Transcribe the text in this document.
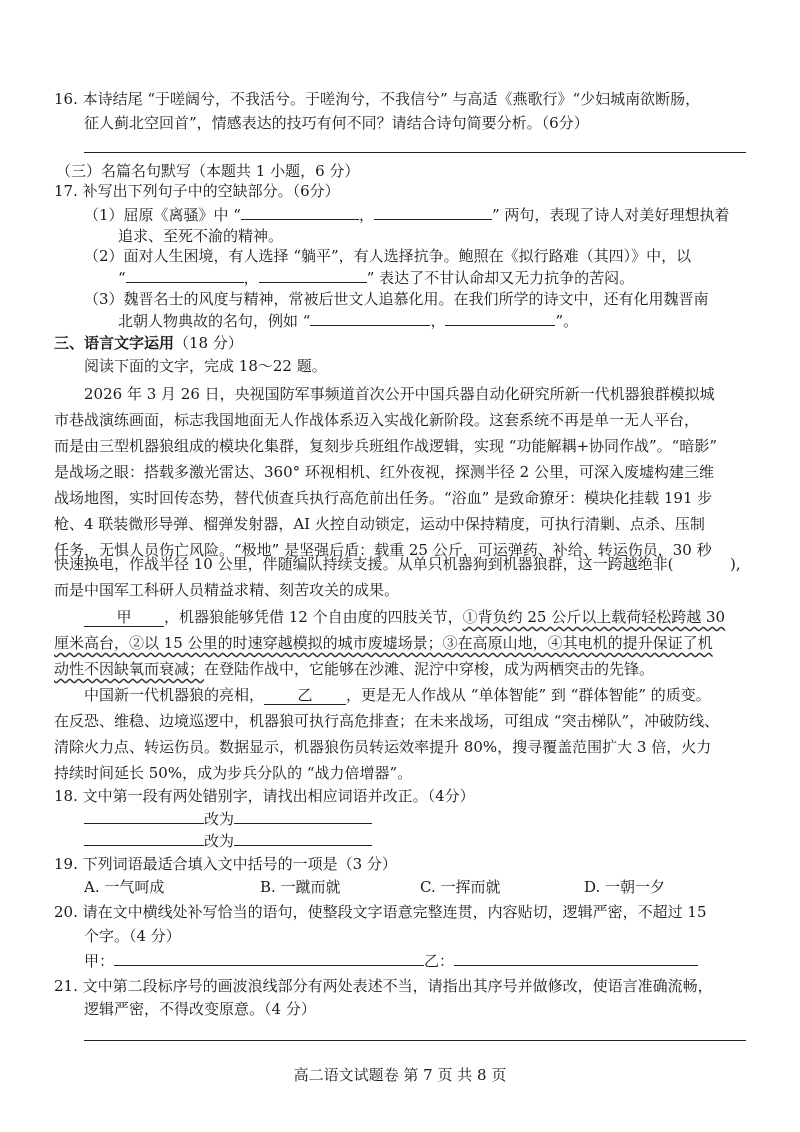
16. 本诗结尾 “于嗟阔兮，不我活兮。于嗟洵兮，不我信兮” 与高适《燕歌行》“少妇城南欲断肠，
征人蓟北空回首”，情感表达的技巧有何不同？请结合诗句简要分析。（6分）
（三）名篇名句默写（本题共 1 小题，6 分）
17. 补写出下列句子中的空缺部分。（6分）
（1）屈原《离骚》中 “	，	” 两句，表现了诗人对美好理想执着
追求、至死不渝的精神。
（2）面对人生困境，有人选择 “躺平”，有人选择抗争。鲍照在《拟行路难（其四）》中，以
“	，	” 表达了不甘认命却又无力抗争的苦闷。
（3）魏晋名士的风度与精神，常被后世文人追慕化用。在我们所学的诗文中，还有化用魏晋南
北朝人物典故的名句，例如 “	，	”。
三、语言文字运用（18 分）
阅读下面的文字，完成 18～22 题。
2026 年 3 月 26 日，央视国防军事频道首次公开中国兵器自动化研究所新一代机器狼群模拟城
市巷战演练画面，标志我国地面无人作战体系迈入实战化新阶段。这套系统不再是单一无人平台，
而是由三型机器狼组成的模块化集群，复刻步兵班组作战逻辑，实现 “功能解耦+协同作战”。“暗影”
是战场之眼：搭载多激光雷达、360° 环视相机、红外夜视，探测半径 2 公里，可深入废墟构建三维
战场地图，实时回传态势，替代侦查兵执行高危前出任务。“浴血” 是致命獠牙：模块化挂载 191 步
枪、4 联装微形导弹、榴弹发射器，AI 火控自动锁定，运动中保持精度，可执行清剿、点杀、压制
任务，无惧人员伤亡风险。“极地” 是坚强后盾：载重 25 公斤，可运弹药、补给、转运伤员，30 秒
快速换电，作战半径 10 公里，伴随编队持续支援。从单只机器狗到机器狼群，这一跨越绝非(	),
而是中国军工科研人员精益求精、刻苦攻关的成果。
甲 ，机器狼能够凭借 12 个自由度的四肢关节，①背负约 25 公斤以上载荷轻松跨越 30
厘米高台，②以 15 公里的时速穿越模拟的城市废墟场景；③在高原山地，④其电机的提升保证了机
动性不因缺氧而衰减；在登陆作战中，它能够在沙滩、泥泞中穿梭，成为两栖突击的先锋。
中国新一代机器狼的亮相， 乙 ，更是无人作战从 “单体智能” 到 “群体智能” 的质变。
在反恐、维稳、边境巡逻中，机器狼可执行高危排查；在未来战场，可组成 “突击梯队”，冲破防线、
清除火力点、转运伤员。数据显示，机器狼伤员转运效率提升 80%，搜寻覆盖范围扩大 3 倍，火力
持续时间延长 50%，成为步兵分队的 “战力倍增器”。
18. 文中第一段有两处错别字，请找出相应词语并改正。（4分）
改为
改为
19. 下列词语最适合填入文中括号的一项是（3 分）
A. 一气呵成	B. 一蹴而就	C. 一挥而就	D. 一朝一夕
20. 请在文中横线处补写恰当的语句，使整段文字语意完整连贯，内容贴切，逻辑严密，不超过 15
个字。（4 分）
甲：	乙：
21. 文中第二段标序号的画波浪线部分有两处表述不当，请指出其序号并做修改，使语言准确流畅，
逻辑严密，不得改变原意。（4 分）
高二语文试题卷 第 7 页 共 8 页
